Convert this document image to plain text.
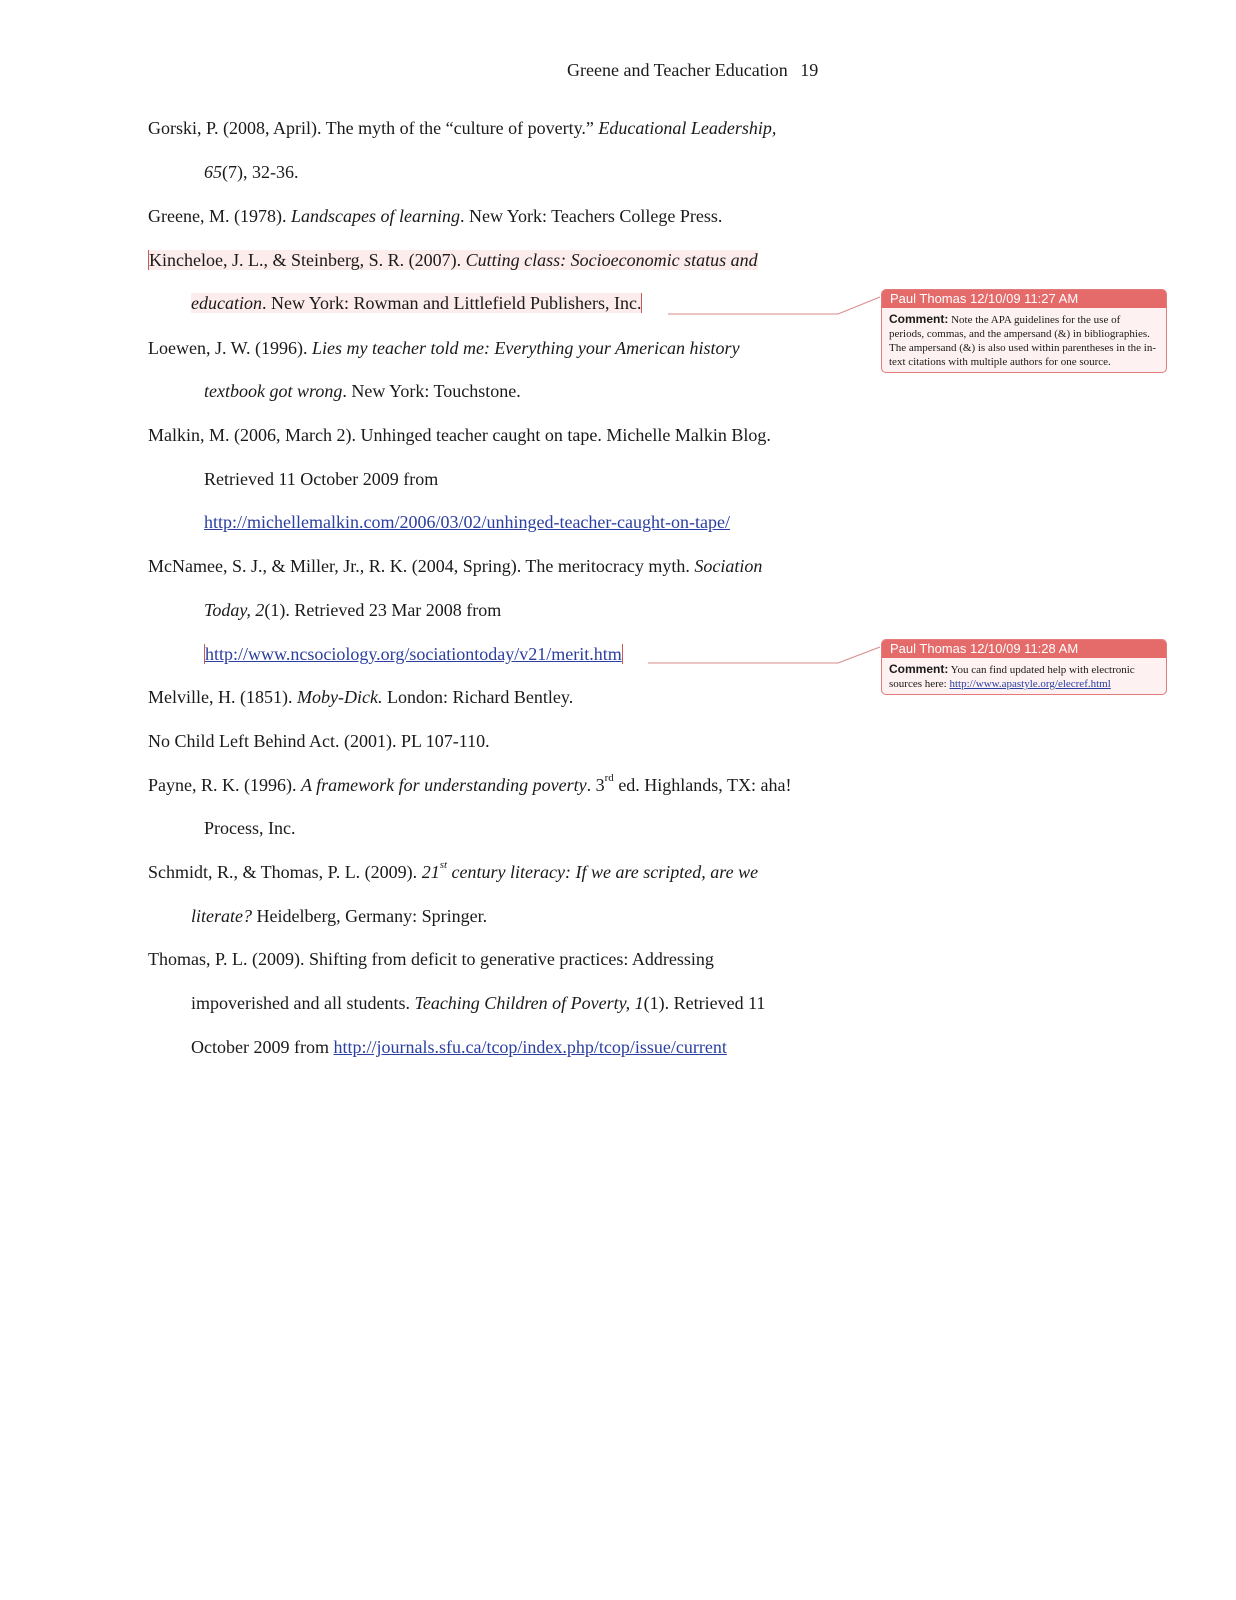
Greene and Teacher Education 19
Gorski, P. (2008, April). The myth of the “culture of poverty.” Educational Leadership,
65(7), 32-36.
Greene, M. (1978). Landscapes of learning. New York: Teachers College Press.
Kincheloe, J. L., & Steinberg, S. R. (2007). Cutting class: Socioeconomic status and
education. New York: Rowman and Littlefield Publishers, Inc.
Loewen, J. W. (1996). Lies my teacher told me: Everything your American history
textbook got wrong. New York: Touchstone.
Malkin, M. (2006, March 2). Unhinged teacher caught on tape. Michelle Malkin Blog.
Retrieved 11 October 2009 from
http://michellemalkin.com/2006/03/02/unhinged-teacher-caught-on-tape/
McNamee, S. J., & Miller, Jr., R. K. (2004, Spring). The meritocracy myth. Sociation
Today, 2(1). Retrieved 23 Mar 2008 from
http://www.ncsociology.org/sociationtoday/v21/merit.htm
Melville, H. (1851). Moby-Dick. London: Richard Bentley.
No Child Left Behind Act. (2001). PL 107-110.
Payne, R. K. (1996). A framework for understanding poverty. 3rd ed. Highlands, TX: aha!
Process, Inc.
Schmidt, R., & Thomas, P. L. (2009). 21st century literacy: If we are scripted, are we
literate? Heidelberg, Germany: Springer.
Thomas, P. L. (2009). Shifting from deficit to generative practices: Addressing
impoverished and all students. Teaching Children of Poverty, 1(1). Retrieved 11
October 2009 from http://journals.sfu.ca/tcop/index.php/tcop/issue/current
Paul Thomas 12/10/09 11:27 AM
Comment: Note the APA guidelines for the use of periods, commas, and the ampersand (&) in bibliographies. The ampersand (&) is also used within parentheses in the in-text citations with multiple authors for one source.
Paul Thomas 12/10/09 11:28 AM
Comment: You can find updated help with electronic sources here: http://www.apastyle.org/elecref.html
